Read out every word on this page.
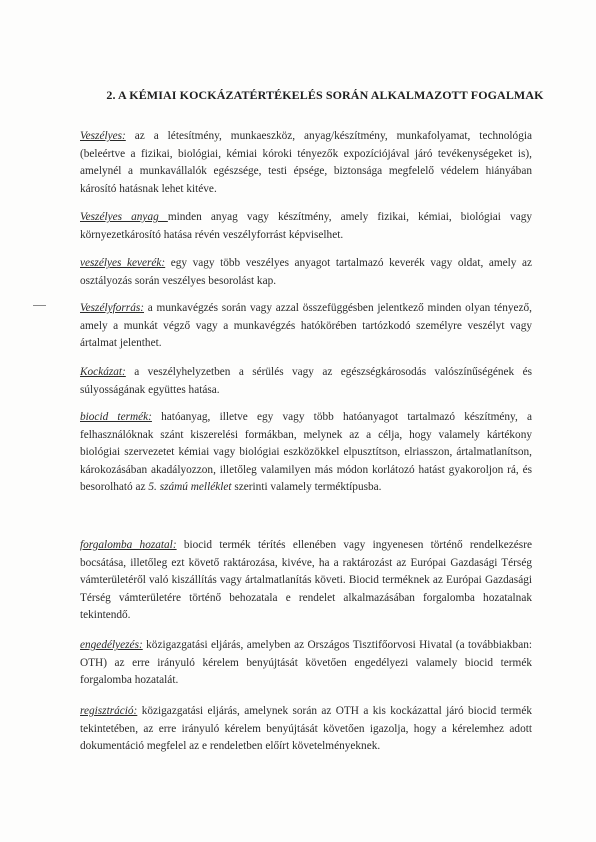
2. A KÉMIAI KOCKÁZATÉRTÉKELÉS SORÁN ALKALMAZOTT FOGALMAK

Veszélyes: az a létesítmény, munkaeszköz, anyag/készítmény, munkafolyamat, technológia (beleértve a fizikai, biológiai, kémiai kóroki tényezők expozíciójával járó tevékenységeket is), amelynél a munkavállalók egészsége, testi épsége, biztonsága megfelelő védelem hiányában károsító hatásnak lehet kitéve.

Veszélyes anyag minden anyag vagy készítmény, amely fizikai, kémiai, biológiai vagy környezetkárosító hatása révén veszélyforrást képviselhet.

veszélyes keverék: egy vagy több veszélyes anyagot tartalmazó keverék vagy oldat, amely az osztályozás során veszélyes besorolást kap.

Veszélyforrás: a munkavégzés során vagy azzal összefüggésben jelentkező minden olyan tényező, amely a munkát végző vagy a munkavégzés hatókörében tartózkodó személyre veszélyt vagy ártalmat jelenthet.

Kockázat: a veszélyhelyzetben a sérülés vagy az egészségkárosodás valószínűségének és súlyosságának együttes hatása.

biocid termék: hatóanyag, illetve egy vagy több hatóanyagot tartalmazó készítmény, a felhasználóknak szánt kiszerelési formákban, melynek az a célja, hogy valamely kártékony biológiai szervezetet kémiai vagy biológiai eszközökkel elpusztítson, elriasszon, ártalmatlanítson, károkozásában akadályozzon, illetőleg valamilyen más módon korlátozó hatást gyakoroljon rá, és besorolható az 5. számú melléklet szerinti valamely terméktípusba.

forgalomba hozatal: biocid termék térítés ellenében vagy ingyenesen történő rendelkezésre bocsátása, illetőleg ezt követő raktározása, kivéve, ha a raktározást az Európai Gazdasági Térség vámterületéről való kiszállítás vagy ártalmatlanítás követi. Biocid terméknek az Európai Gazdasági Térség vámterületére történő behozatala e rendelet alkalmazásában forgalomba hozatalnak tekintendő.

engedélyezés: közigazgatási eljárás, amelyben az Országos Tisztifőorvosi Hivatal (a továbbiakban: OTH) az erre irányuló kérelem benyújtását követően engedélyezi valamely biocid termék forgalomba hozatalát.

regisztráció: közigazgatási eljárás, amelynek során az OTH a kis kockázattal járó biocid termék tekintetében, az erre irányuló kérelem benyújtását követően igazolja, hogy a kérelemhez adott dokumentáció megfelel az e rendeletben előírt követelményeknek.
